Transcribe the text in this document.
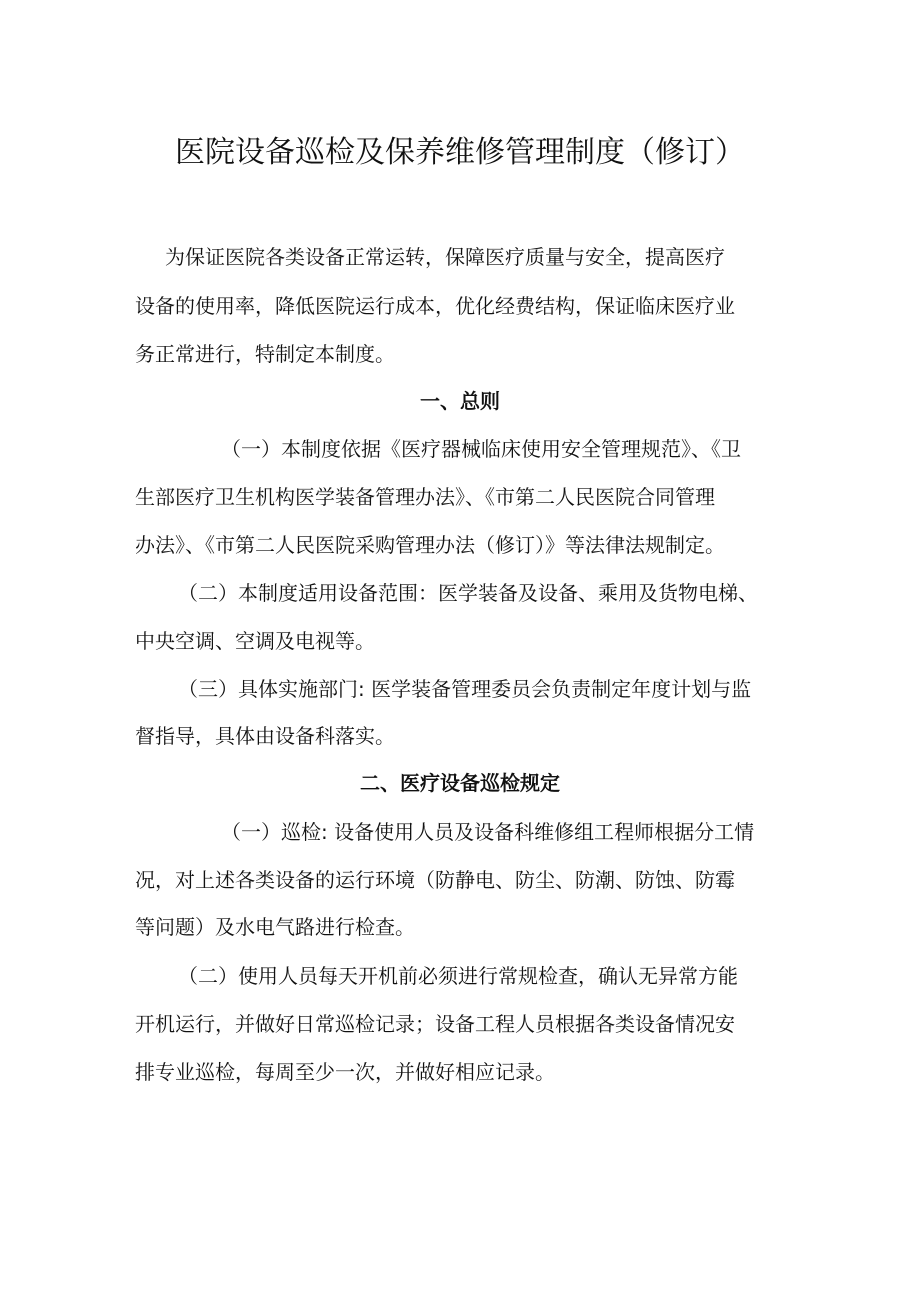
医院设备巡检及保养维修管理制度（修订）
为保证医院各类设备正常运转，保障医疗质量与安全，提高医疗
设备的使用率，降低医院运行成本，优化经费结构，保证临床医疗业
务正常进行，特制定本制度。
一、总则
（一）本制度依据《医疗器械临床使用安全管理规范》、《卫
生部医疗卫生机构医学装备管理办法》、《市第二人民医院合同管理
办法》、《市第二人民医院采购管理办法（修订）》等法律法规制定。
（二）本制度适用设备范围：医学装备及设备、乘用及货物电梯、
中央空调、空调及电视等。
（三）具体实施部门: 医学装备管理委员会负责制定年度计划与监
督指导，具体由设备科落实。
二、医疗设备巡检规定
（一）巡检: 设备使用人员及设备科维修组工程师根据分工情
况，对上述各类设备的运行环境（防静电、防尘、防潮、防蚀、防霉
等问题）及水电气路进行检查。
（二）使用人员每天开机前必须进行常规检查，确认无异常方能
开机运行，并做好日常巡检记录；设备工程人员根据各类设备情况安
排专业巡检，每周至少一次，并做好相应记录。
